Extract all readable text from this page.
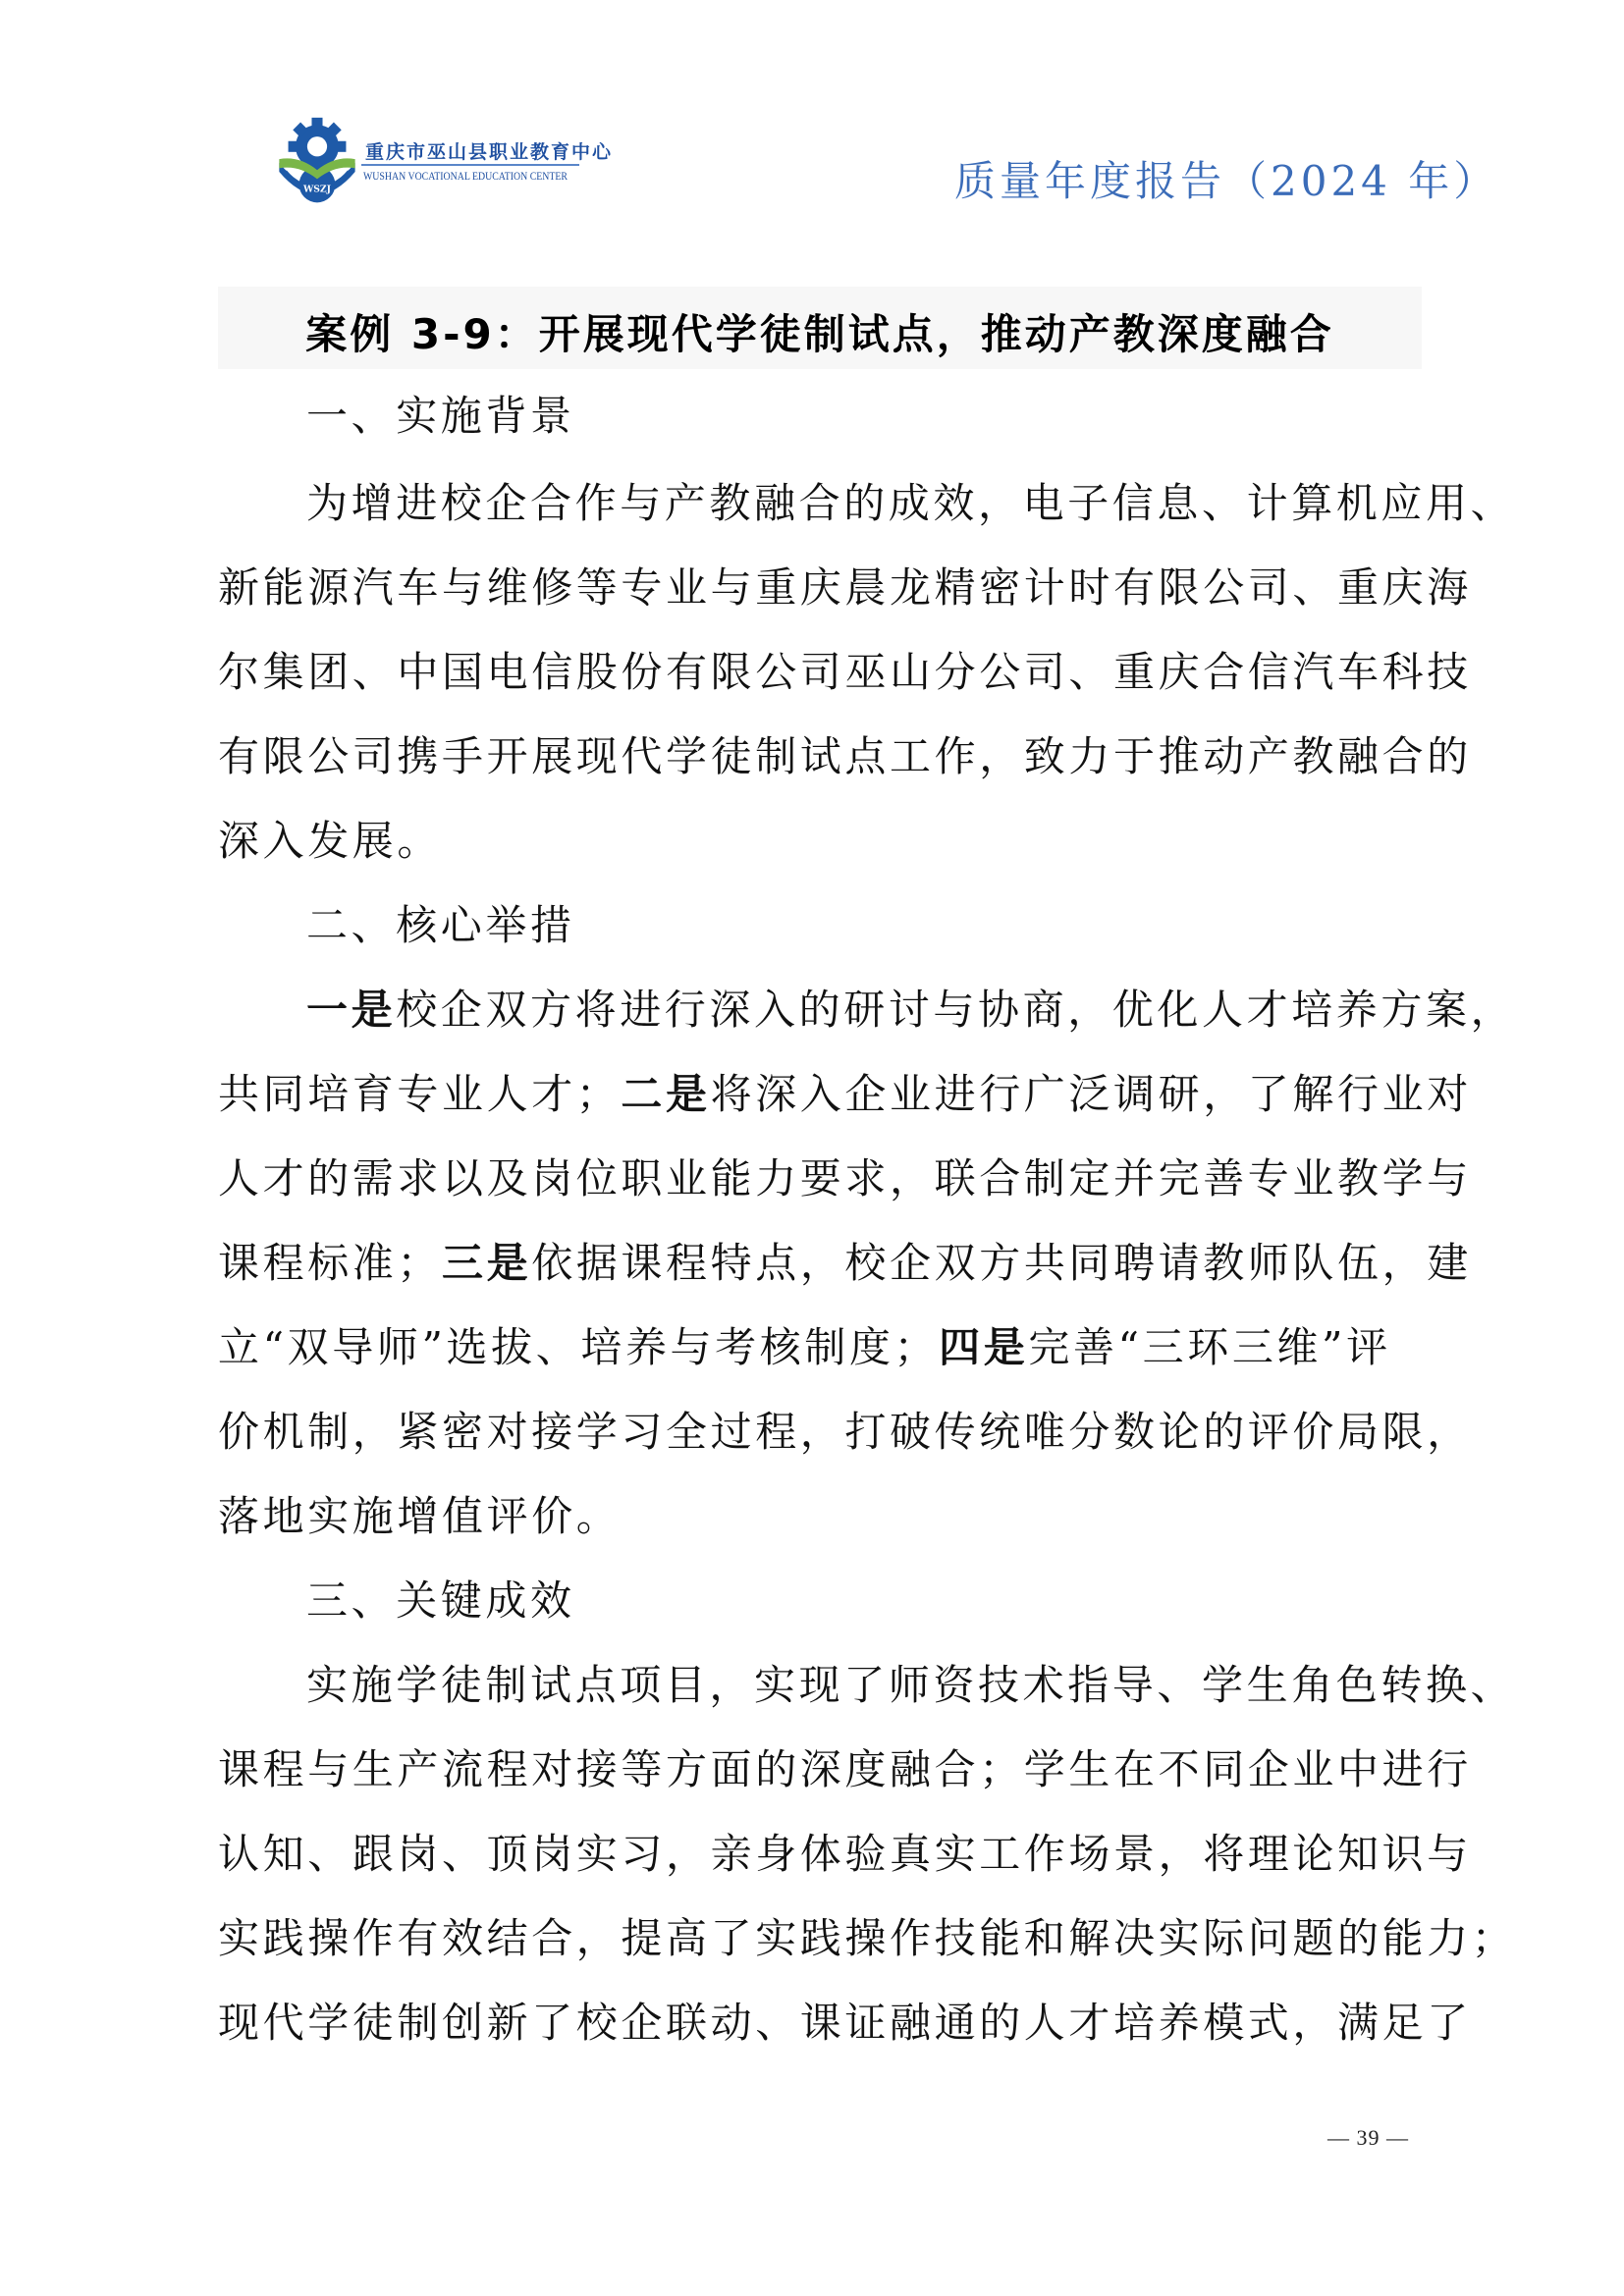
WSZJ
重庆市巫山县职业教育中心
WUSHAN VOCATIONAL EDUCATION CENTER	质量年度报告（2024 年）
案例 3-9：开展现代学徒制试点，推动产教深度融合
一、实施背景
为增进校企合作与产教融合的成效，电子信息、计算机应用、
新能源汽车与维修等专业与重庆晨龙精密计时有限公司、重庆海
尔集团、中国电信股份有限公司巫山分公司、重庆合信汽车科技
有限公司携手开展现代学徒制试点工作，致力于推动产教融合的
深入发展。
二、核心举措
一是校企双方将进行深入的研讨与协商，优化人才培养方案，
共同培育专业人才；二是将深入企业进行广泛调研，了解行业对
人才的需求以及岗位职业能力要求，联合制定并完善专业教学与
课程标准；三是依据课程特点，校企双方共同聘请教师队伍，建
立“双导师”选拔、培养与考核制度；四是完善“三环三维”评
价机制，紧密对接学习全过程，打破传统唯分数论的评价局限，
落地实施增值评价。
三、关键成效
实施学徒制试点项目，实现了师资技术指导、学生角色转换、
课程与生产流程对接等方面的深度融合；学生在不同企业中进行
认知、跟岗、顶岗实习，亲身体验真实工作场景，将理论知识与
实践操作有效结合，提高了实践操作技能和解决实际问题的能力；
现代学徒制创新了校企联动、课证融通的人才培养模式，满足了
— 39 —
